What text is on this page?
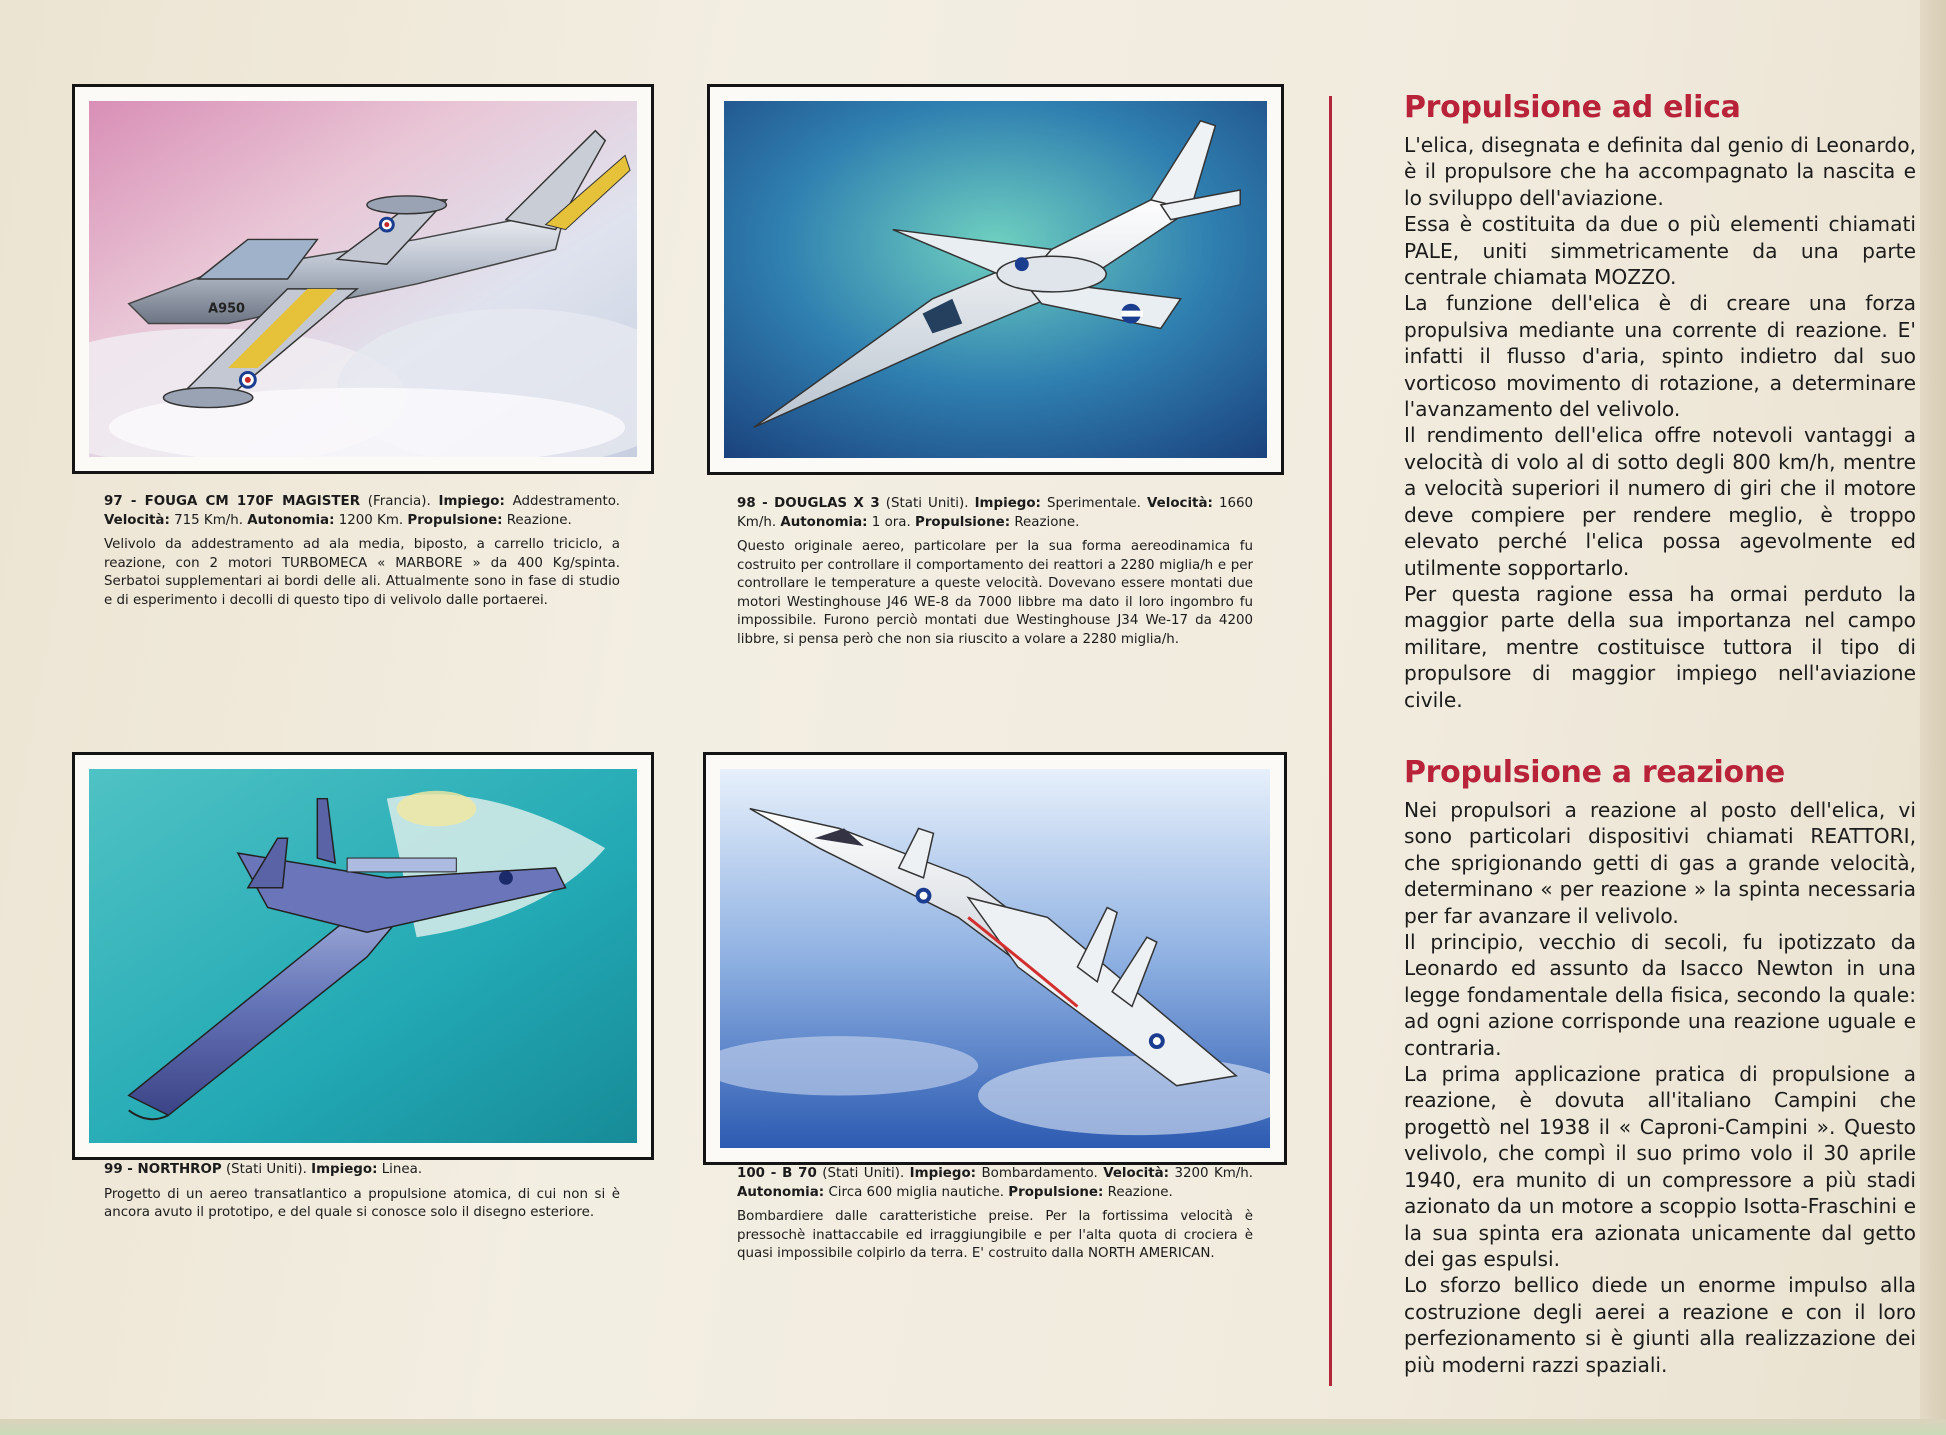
A950

97 - FOUGA CM 170F MAGISTER (Francia). Impiego: Addestramento. Velocità: 715 Km/h. Autonomia: 1200 Km. Propulsione: Reazione.

Velivolo da addestramento ad ala media, biposto, a carrello triciclo, a reazione, con 2 motori TURBOMECA « MARBORE » da 400 Kg/spinta. Serbatoi supplementari ai bordi delle ali. Attualmente sono in fase di studio e di esperimento i decolli di questo tipo di velivolo dalle portaerei.

98 - DOUGLAS X 3 (Stati Uniti). Impiego: Sperimentale. Velocità: 1660 Km/h. Autonomia: 1 ora. Propulsione: Reazione.

Questo originale aereo, particolare per la sua forma aereodinamica fu costruito per controllare il comportamento dei reattori a 2280 miglia/h e per controllare le temperature a queste velocità. Dovevano essere montati due motori Westinghouse J46 WE-8 da 7000 libbre ma dato il loro ingombro fu impossibile. Furono perciò montati due Westinghouse J34 We-17 da 4200 libbre, si pensa però che non sia riuscito a volare a 2280 miglia/h.

99 - NORTHROP (Stati Uniti). Impiego: Linea.

Progetto di un aereo transatlantico a propulsione atomica, di cui non si è ancora avuto il prototipo, e del quale si conosce solo il disegno esteriore.

100 - B 70 (Stati Uniti). Impiego: Bombardamento. Velocità: 3200 Km/h. Autonomia: Circa 600 miglia nautiche. Propulsione: Reazione.

Bombardiere dalle caratteristiche preise. Per la fortissima velocità è pressochè inattaccabile ed irraggiungibile e per l'alta quota di crociera è quasi impossibile colpirlo da terra. E' costruito dalla NORTH AMERICAN.

Propulsione ad elica

L'elica, disegnata e definita dal genio di Leonardo, è il propulsore che ha accompagnato la nascita e lo sviluppo dell'aviazione.

Essa è costituita da due o più elementi chiamati PALE, uniti simmetricamente da una parte centrale chiamata MOZZO.

La funzione dell'elica è di creare una forza propulsiva mediante una corrente di reazione. E' infatti il flusso d'aria, spinto indietro dal suo vorticoso movimento di rotazione, a determinare l'avanzamento del velivolo.

Il rendimento dell'elica offre notevoli vantaggi a velocità di volo al di sotto degli 800 km/h, mentre a velocità superiori il numero di giri che il motore deve compiere per rendere meglio, è troppo elevato perché l'elica possa agevolmente ed utilmente sopportarlo.

Per questa ragione essa ha ormai perduto la maggior parte della sua importanza nel campo militare, mentre costituisce tuttora il tipo di propulsore di maggior impiego nell'aviazione civile.

Propulsione a reazione

Nei propulsori a reazione al posto dell'elica, vi sono particolari dispositivi chiamati REATTORI, che sprigionando getti di gas a grande velocità, determinano « per reazione » la spinta necessaria per far avanzare il velivolo.

Il principio, vecchio di secoli, fu ipotizzato da Leonardo ed assunto da Isacco Newton in una legge fondamentale della fisica, secondo la quale: ad ogni azione corrisponde una reazione uguale e contraria.

La prima applicazione pratica di propulsione a reazione, è dovuta all'italiano Campini che progettò nel 1938 il « Caproni-Campini ». Questo velivolo, che compì il suo primo volo il 30 aprile 1940, era munito di un compressore a più stadi azionato da un motore a scoppio Isotta-Fraschini e la sua spinta era azionata unicamente dal getto dei gas espulsi.

Lo sforzo bellico diede un enorme impulso alla costruzione degli aerei a reazione e con il loro perfezionamento si è giunti alla realizzazione dei più moderni razzi spaziali.
